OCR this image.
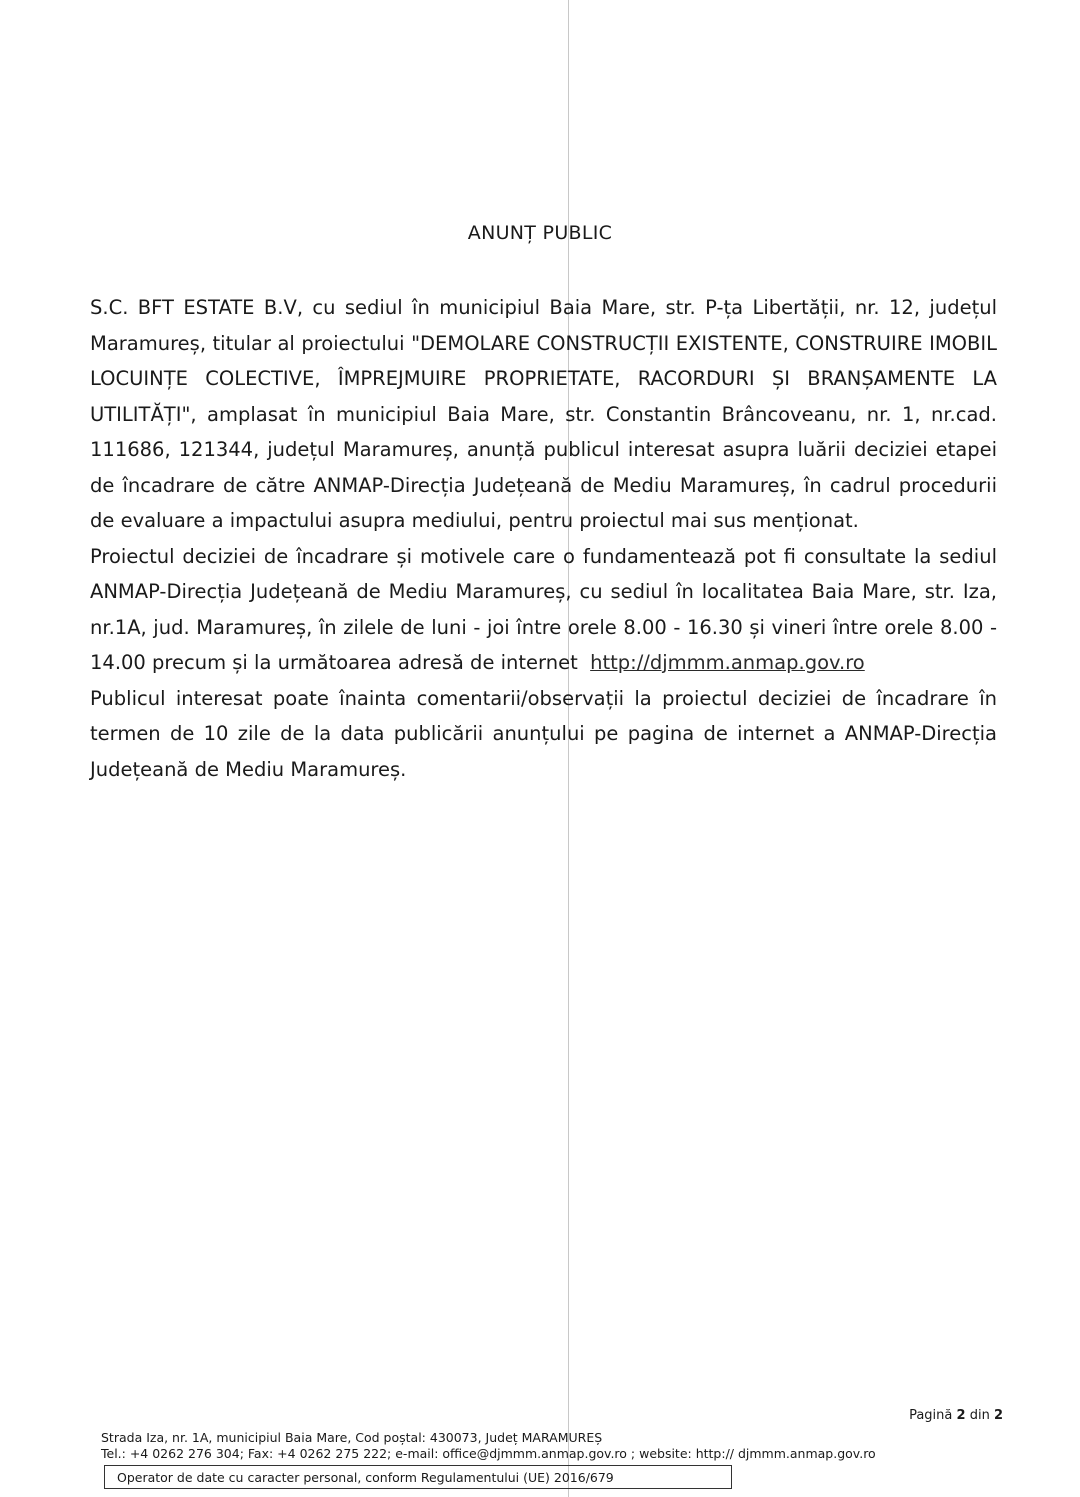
ANUNȚ PUBLIC

S.C. BFT ESTATE B.V, cu sediul în municipiul Baia Mare, str. P-ța Libertății, nr. 12, județul Maramureș, titular al proiectului "DEMOLARE CONSTRUCȚII EXISTENTE, CONSTRUIRE IMOBIL LOCUINȚE COLECTIVE, ÎMPREJMUIRE PROPRIETATE, RACORDURI ȘI BRANȘAMENTE LA UTILITĂȚI", amplasat în municipiul Baia Mare, str. Constantin Brâncoveanu, nr. 1, nr.cad. 111686, 121344, județul Maramureș, anunță publicul interesat asupra luării deciziei etapei de încadrare de către ANMAP-Direcția Județeană de Mediu Maramureș, în cadrul procedurii de evaluare a impactului asupra mediului, pentru proiectul mai sus menționat.

Proiectul deciziei de încadrare și motivele care o fundamentează pot fi consultate la sediul ANMAP-Direcția Județeană de Mediu Maramureș, cu sediul în localitatea Baia Mare, str. Iza, nr.1A, jud. Maramureș, în zilele de luni - joi între orele 8.00 - 16.30 și vineri între orele 8.00 - 14.00 precum și la următoarea adresă de internet http://djmmm.anmap.gov.ro

Publicul interesat poate înainta comentarii/observații la proiectul deciziei de încadrare în termen de 10 zile de la data publicării anunțului pe pagina de internet a ANMAP-Direcția Județeană de Mediu Maramureș.

Pagină 2 din 2
Strada Iza, nr. 1A, municipiul Baia Mare, Cod poștal: 430073, Județ MARAMUREȘ
Tel.: +4 0262 276 304; Fax: +4 0262 275 222; e-mail: office@djmmm.anmap.gov.ro ; website: http:// djmmm.anmap.gov.ro
Operator de date cu caracter personal, conform Regulamentului (UE) 2016/679
